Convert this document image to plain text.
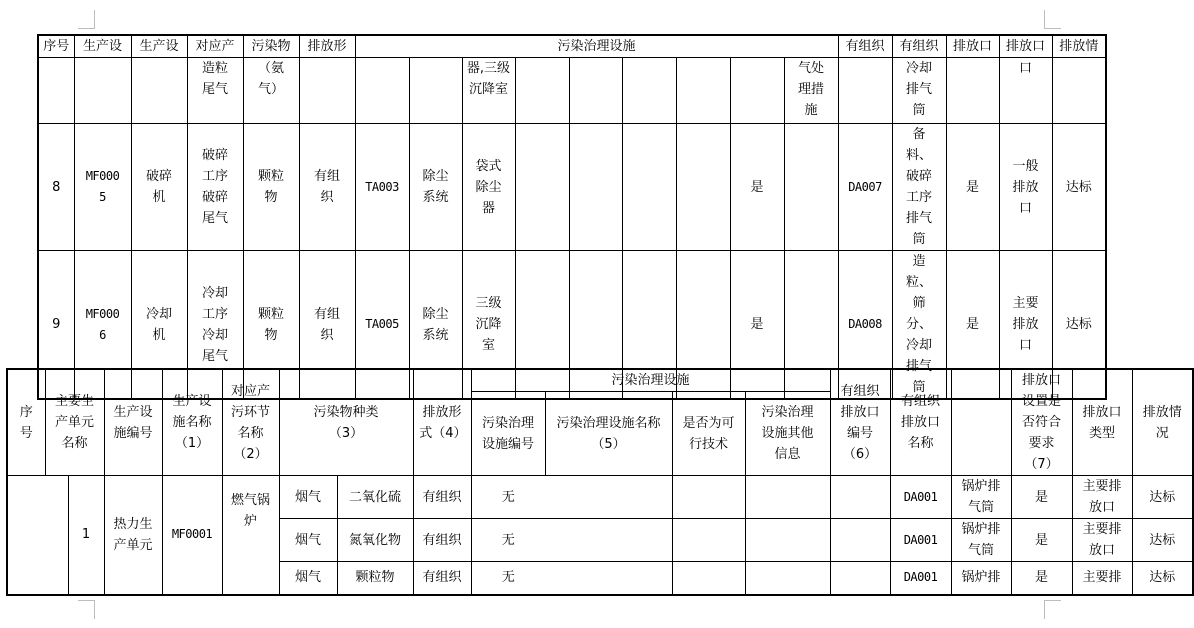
序号	生产设	生产设	对应产	污染物	排放形	污染治理设施									有组织	有组织	排放口	排放口	排放情

			造粒尾气	（氨气）				器,三级沉降室						气处理措施		冷却排气筒		口	
8	MF0005	破碎机	破碎工序破碎尾气	颗粒物	有组织	TA003	除尘系统	袋式除尘器					是		DA007	备料、破碎工序排气筒	是	一般排放口	达标
9	MF0006	冷却机	冷却工序冷却尾气	颗粒物	有组织	TA005	除尘系统	三级沉降室					是		DA008	造粒、筛分、冷却排气筒	是	主要排放口	达标
序号	主要生产单元名称		生产设施编号	生产设施名称（1）	对应产污环节名称（2）	污染物种类（3）		排放形式（4）	污染治理设施				有组织排放口编号（6）	有组织排放口名称		排放口设置是否符合要求（7）	排放口类型	排放情况

									污染治理设施编号	污染治理设施名称（5）	是否为可行技术	污染治理设施其他信息						

		1	热力生产单元	MF0001	燃气锅炉	烟气	二氧化硫	有组织	无					DA001	锅炉排气筒	是	主要排放口	达标
						烟气	氮氧化物	有组织	无					DA001	锅炉排气筒	是	主要排放口	达标
						烟气	颗粒物	有组织	无					DA001	锅炉排	是	主要排	达标
